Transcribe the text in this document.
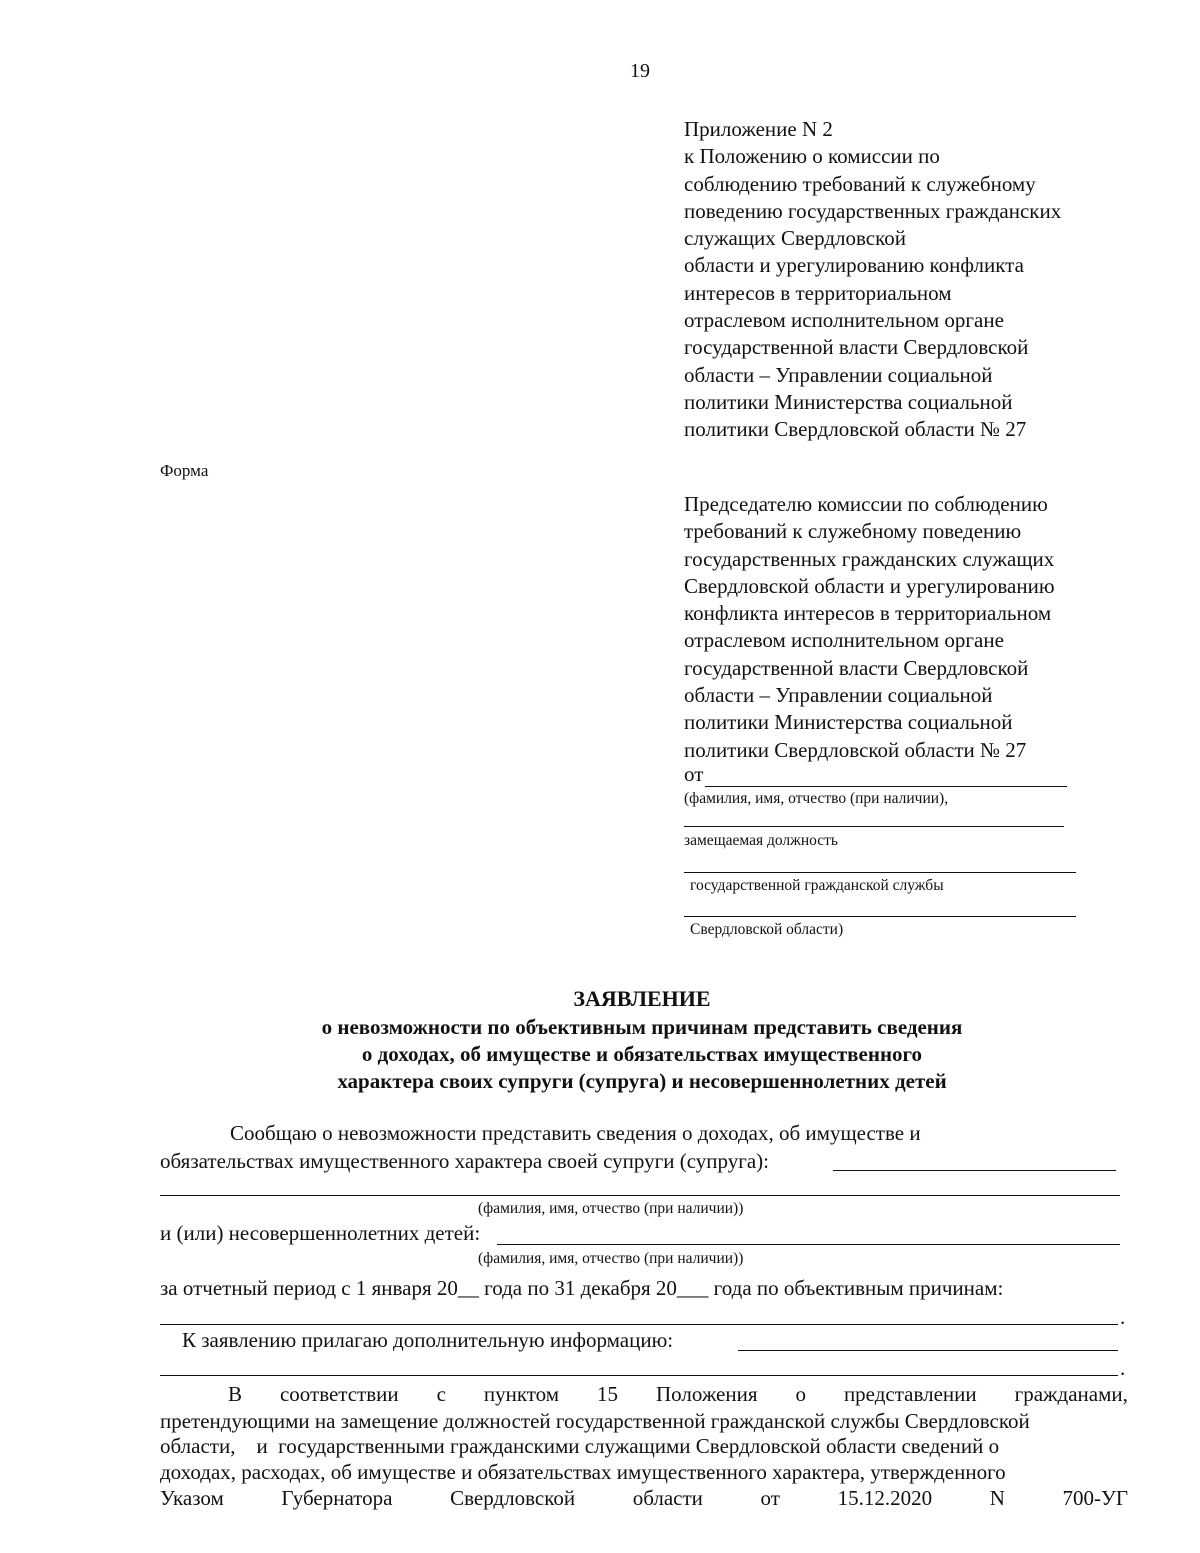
19
Приложение N 2
к Положению о комиссии по
соблюдению требований к служебному
поведению государственных гражданских
служащих Свердловской
области и урегулированию конфликта
интересов в территориальном
отраслевом исполнительном органе
государственной власти Свердловской
области – Управлении социальной
политики Министерства социальной
политики Свердловской области № 27
Форма
Председателю комиссии по соблюдению
требований к служебному поведению
государственных гражданских служащих
Свердловской области и урегулированию
конфликта интересов в территориальном
отраслевом исполнительном органе
государственной власти Свердловской
области – Управлении социальной
политики Министерства социальной
политики Свердловской области № 27
от
(фамилия, имя, отчество (при наличии),
замещаемая должность
государственной гражданской службы
Свердловской области)
ЗАЯВЛЕНИЕ
о невозможности по объективным причинам представить сведения
о доходах, об имуществе и обязательствах имущественного
характера своих супруги (супруга) и несовершеннолетних детей
Сообщаю о невозможности представить сведения о доходах, об имуществе и
обязательствах имущественного характера своей супруги (супруга):
(фамилия, имя, отчество (при наличии))
и (или) несовершеннолетних детей:
(фамилия, имя, отчество (при наличии))
за отчетный период с 1 января 20__ года по 31 декабря 20___ года по объективным причинам:
.
К заявлению прилагаю дополнительную информацию:
.
В соответствии с пунктом 15 Положения о представлении гражданами,
претендующими на замещение должностей государственной гражданской службы Свердловской
области,    и  государственными гражданскими служащими Свердловской области сведений о
доходах, расходах, об имуществе и обязательствах имущественного характера, утвержденного
Указом	Губернатора	Свердловской	области	от	15.12.2020	N	700-УГ
